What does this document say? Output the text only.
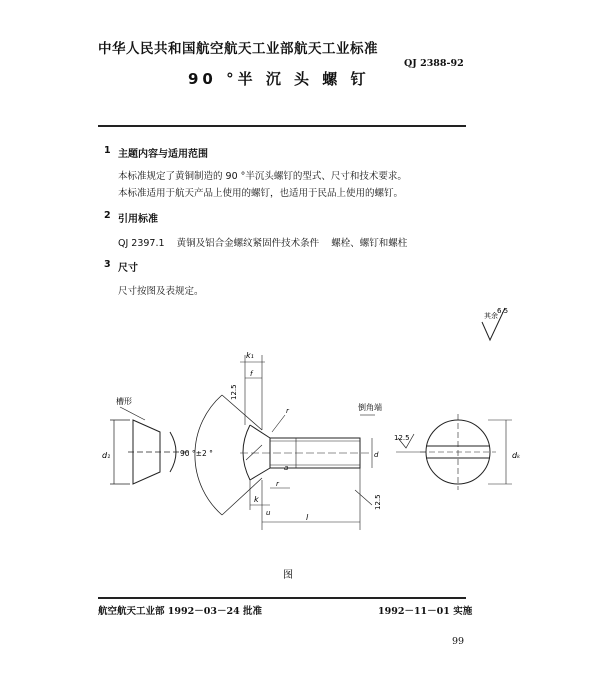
中华人民共和国航空航天工业部航天工业标准
QJ 2388-92
90 °半 沉 头 螺 钉
1 主题内容与适用范围
本标准规定了黄铜制造的 90 °半沉头螺钉的型式、尺寸和技术要求。
本标准适用于航天产品上使用的螺钉，也适用于民品上使用的螺钉。
2 引用标准
QJ 2397.1    黄铜及铝合金螺纹紧固件技术条件    螺栓、螺钉和螺柱
3 尺寸
尺寸按图及表规定。
其余
6.5
槽形
倒角端
90 °±2 °
k₁
f
r
12.5
12.5
12.5
d₁	dₖ
d
r
k
u
a
l
图
航空航天工业部 1992－03－24 批准	1992－11－01 实施
99
